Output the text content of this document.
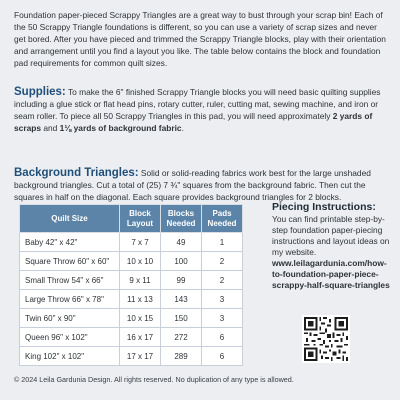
Foundation paper-pieced Scrappy Triangles are a great way to bust through your scrap bin! Each of the 50 Scrappy Triangle foundations is different, so you can use a variety of scrap sizes and never get bored. After you have pieced and trimmed the Scrappy Triangle blocks, play with their orientation and arrangement until you find a layout you like. The table below contains the block and foundation pad requirements for common quilt sizes.

Supplies: To make the 6" finished Scrappy Triangle blocks you will need basic quilting supplies including a glue stick or flat head pins, rotary cutter, ruler, cutting mat, sewing machine, and iron or seam roller. To piece all 50 Scrappy Triangles in this pad, you will need approximately 2 yards of scraps and 1⅛ yards of background fabric.

Background Triangles: Solid or solid-reading fabrics work best for the large unshaded background triangles. Cut a total of (25) 7 ¾" squares from the background fabric. Then cut the squares in half on the diagonal. Each square provides background triangles for 2 blocks.

Quilt Size	Block Layout	Blocks Needed	Pads Needed
Baby 42" x 42"	7 x 7	49	1
Square Throw 60" x 60"	10 x 10	100	2
Small Throw 54" x 66"	9 x 11	99	2
Large Throw 66" x 78"	11 x 13	143	3
Twin 60" x 90"	10 x 15	150	3
Queen 96" x 102"	16 x 17	272	6
King 102" x 102"	17 x 17	289	6

Piecing Instructions:

You can find printable step-by-step foundation paper-piecing instructions and layout ideas on my website.

www.leilagardunia.com/how-to-foundation-paper-piece-scrappy-half-square-triangles

© 2024 Leila Gardunia Design. All rights reserved. No duplication of any type is allowed.
